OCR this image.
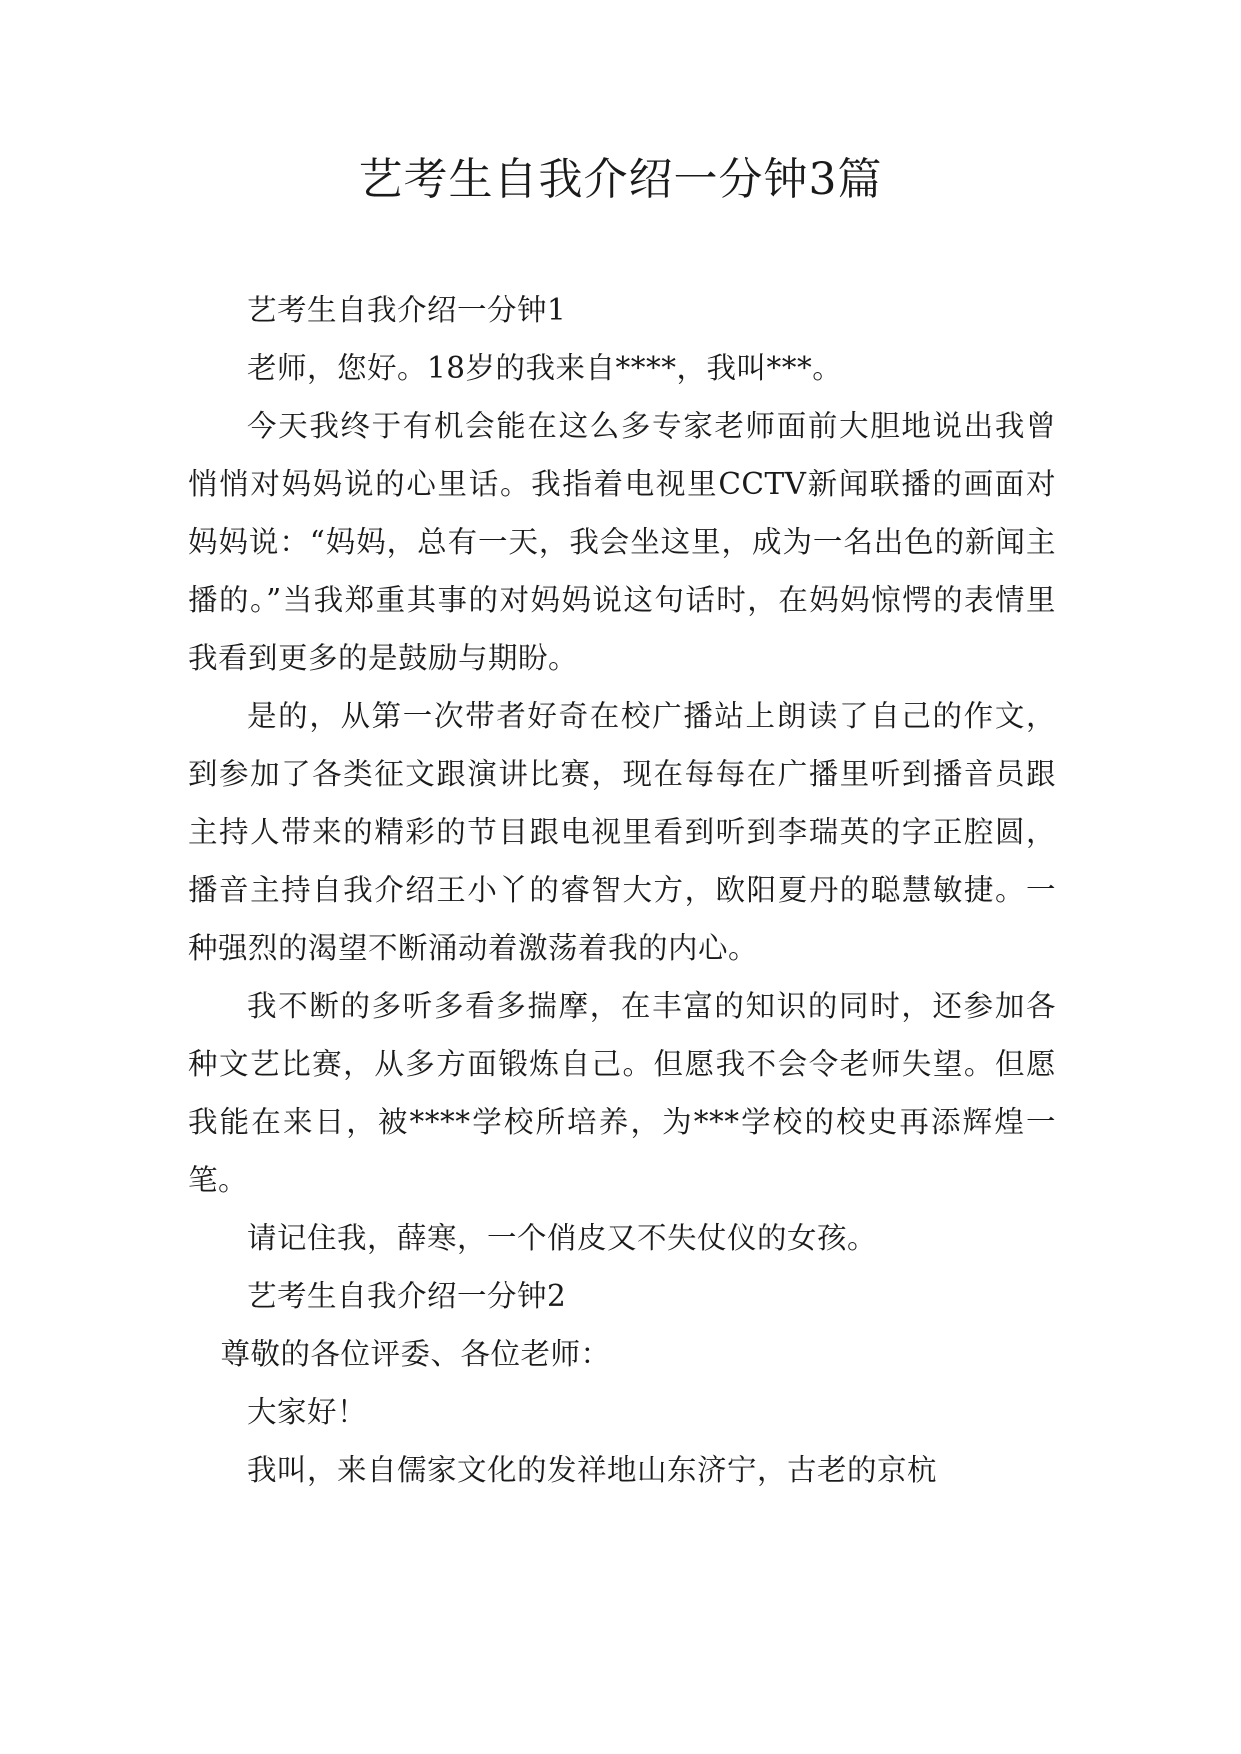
艺考生自我介绍一分钟3篇

艺考生自我介绍一分钟1

老师，您好。18岁的我来自****，我叫***。

今天我终于有机会能在这么多专家老师面前大胆地说出我曾悄悄对妈妈说的心里话。我指着电视里CCTV新闻联播的画面对妈妈说：“妈妈，总有一天，我会坐这里，成为一名出色的新闻主播的。”当我郑重其事的对妈妈说这句话时，在妈妈惊愕的表情里我看到更多的是鼓励与期盼。

是的，从第一次带者好奇在校广播站上朗读了自己的作文，到参加了各类征文跟演讲比赛，现在每每在广播里听到播音员跟主持人带来的精彩的节目跟电视里看到听到李瑞英的字正腔圆，播音主持自我介绍王小丫的睿智大方，欧阳夏丹的聪慧敏捷。一种强烈的渴望不断涌动着激荡着我的内心。

我不断的多听多看多揣摩，在丰富的知识的同时，还参加各种文艺比赛，从多方面锻炼自己。但愿我不会令老师失望。但愿我能在来日，被****学校所培养，为***学校的校史再添辉煌一笔。

请记住我，薛寒，一个俏皮又不失仗仪的女孩。

艺考生自我介绍一分钟2

尊敬的各位评委、各位老师：

大家好！

我叫，来自儒家文化的发祥地山东济宁，古老的京杭
